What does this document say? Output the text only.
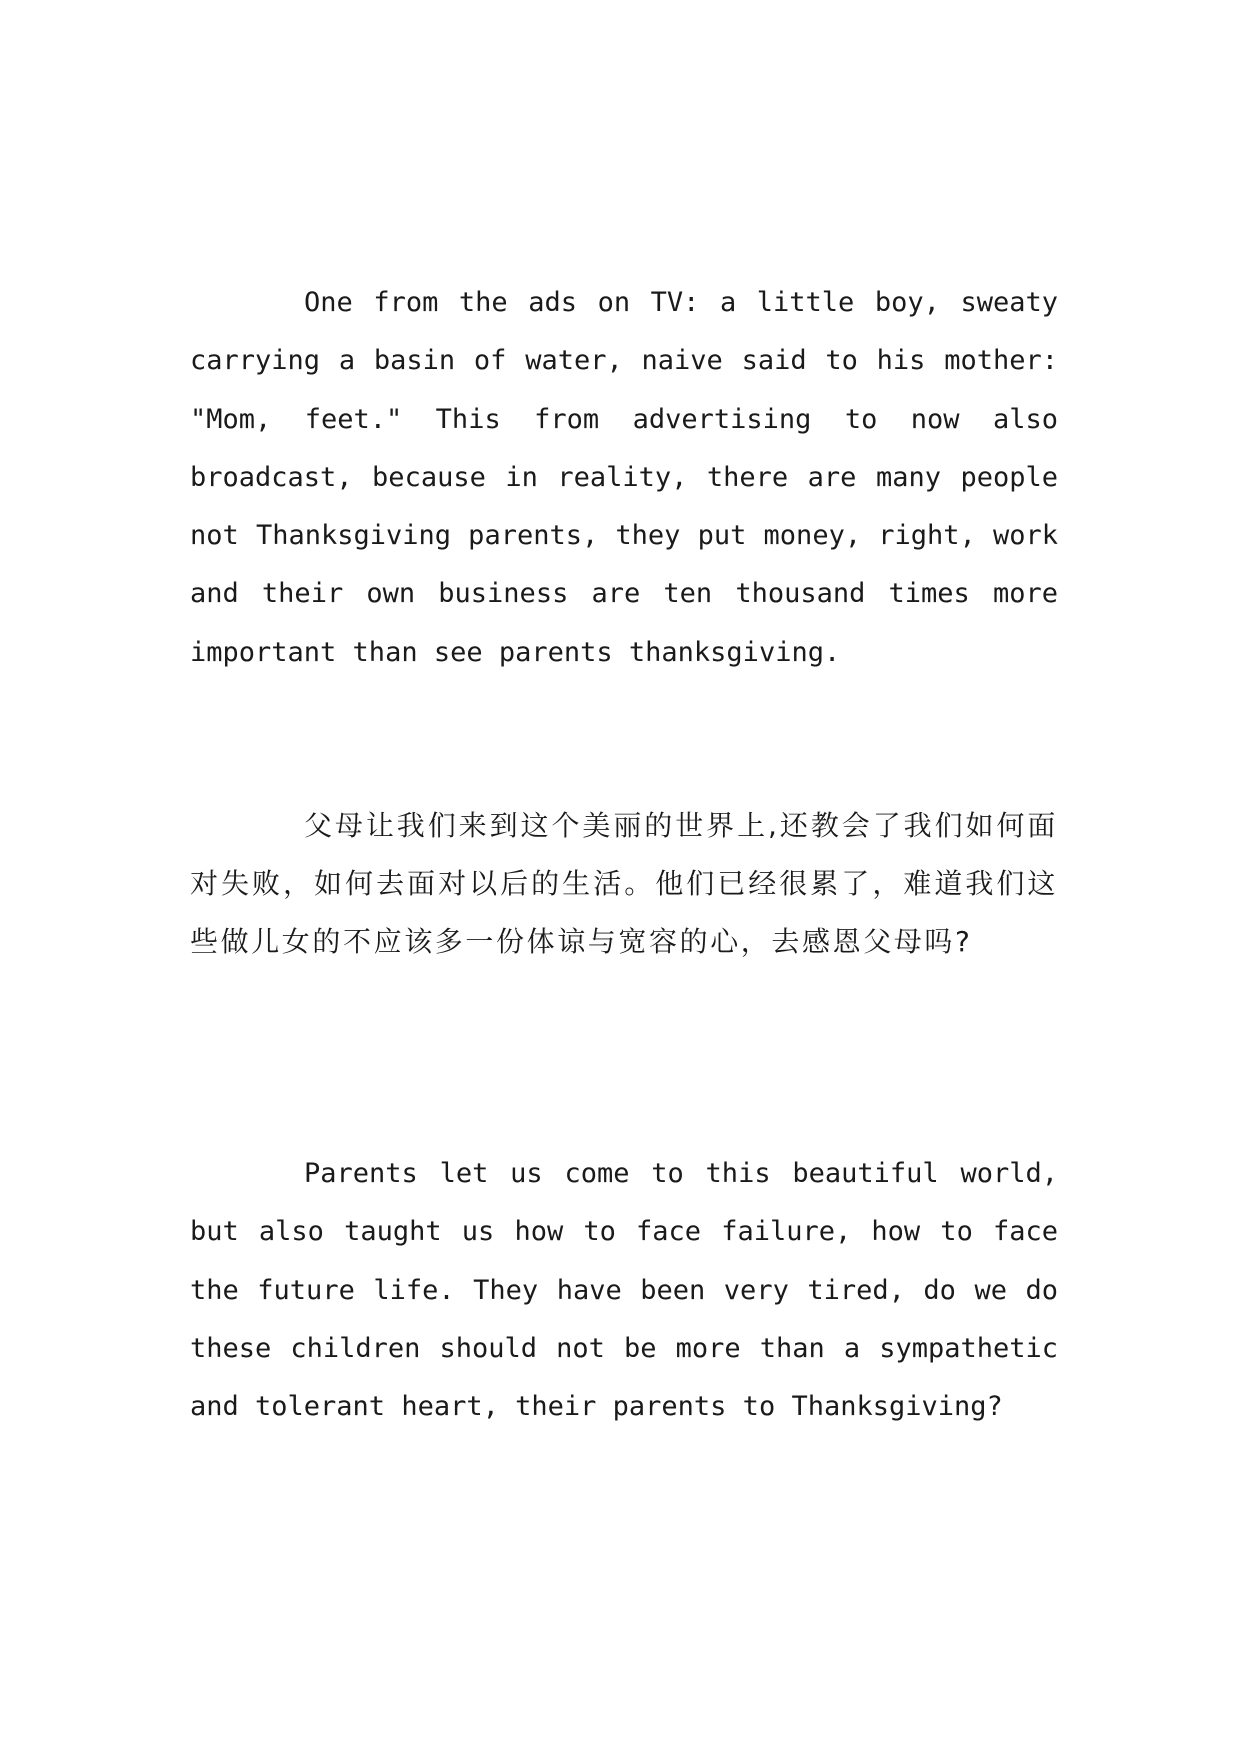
One from the ads on TV: a little boy, sweaty carrying a basin of water, naive said to his mother: "Mom, feet." This from advertising to now also broadcast, because in reality, there are many people not Thanksgiving parents, they put money, right, work and their own business are ten thousand times more important than see parents thanksgiving.

父母让我们来到这个美丽的世界上,还教会了我们如何面对失败，如何去面对以后的生活。他们已经很累了，难道我们这些做儿女的不应该多一份体谅与宽容的心，去感恩父母吗?

Parents let us come to this beautiful world, but also taught us how to face failure, how to face the future life. They have been very tired, do we do these children should not be more than a sympathetic and tolerant heart, their parents to Thanksgiving?
